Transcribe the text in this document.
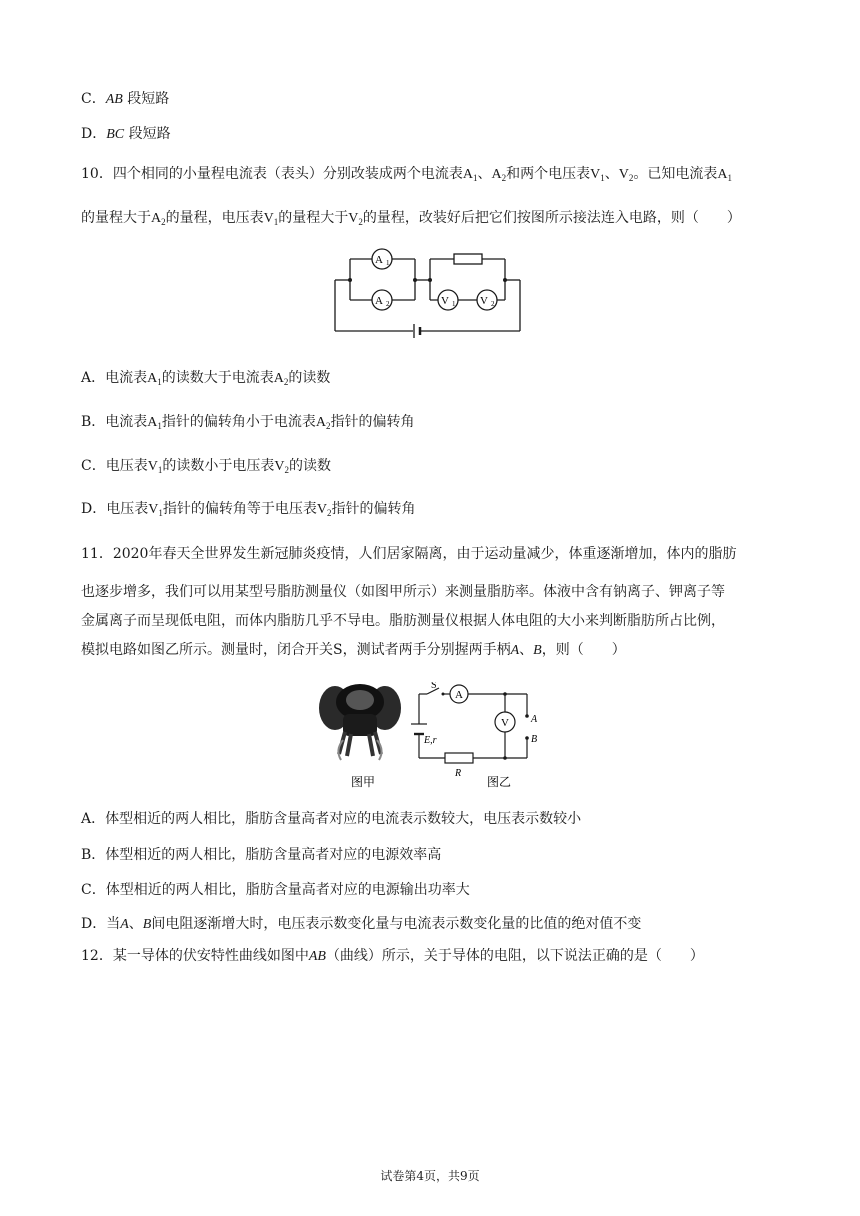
C．AB 段短路
D．BC 段短路
10．四个相同的小量程电流表（表头）分别改装成两个电流表$A_1$、$A_2$和两个电压表$V_1$、$V_2$。已知电流表$A_1$
的量程大于$A_2$的量程，电压表$V_1$的量程大于$V_2$的量程，改装好后把它们按图所示接法连入电路，则（　　）
A 1
A 2	V 1 V 2
A．电流表$A_1$的读数大于电流表$A_2$的读数
B．电流表$A_1$指针的偏转角小于电流表$A_2$指针的偏转角
C．电压表$V_1$的读数小于电压表$V_2$的读数
D．电压表$V_1$指针的偏转角等于电压表$V_2$指针的偏转角
11．2020年春天全世界发生新冠肺炎疫情，人们居家隔离，由于运动量减少，体重逐渐增加，体内的脂肪
也逐步增多，我们可以用某型号脂肪测量仪（如图甲所示）来测量脂肪率。体液中含有钠离子、钾离子等
金属离子而呈现低电阻，而体内脂肪几乎不导电。脂肪测量仪根据人体电阻的大小来判断脂肪所占比例，
模拟电路如图乙所示。测量时，闭合开关S，测试者两手分别握两手柄A、B，则（　　）
图甲
A
V
S
E,r
R
A
B
图乙
A．体型相近的两人相比，脂肪含量高者对应的电流表示数较大，电压表示数较小
B．体型相近的两人相比，脂肪含量高者对应的电源效率高
C．体型相近的两人相比，脂肪含量高者对应的电源输出功率大
D．当A、B间电阻逐渐增大时，电压表示数变化量与电流表示数变化量的比值的绝对值不变
12．某一导体的伏安特性曲线如图中AB（曲线）所示，关于导体的电阻，以下说法正确的是（　　）
试卷第4页，共9页
